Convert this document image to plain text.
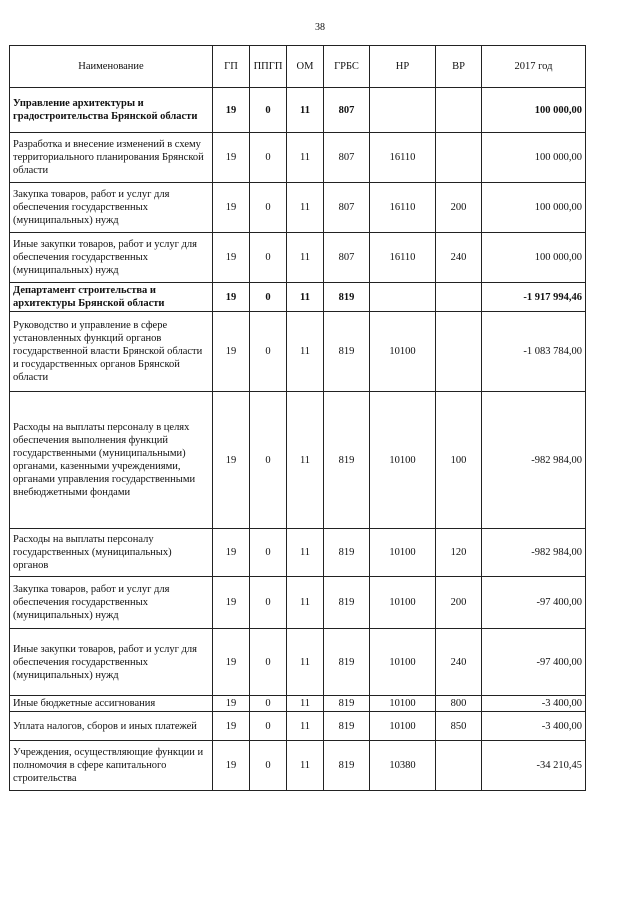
38
Наименование	ГП	ППГП	ОМ	ГРБС	НР	ВР	2017 год
Управление архитектуры и градостроительства Брянской области	19	0	11	807			100 000,00
Разработка и внесение изменений в схему территориального планирования Брянской области	19	0	11	807	16110		100 000,00
Закупка товаров, работ и услуг для обеспечения государственных (муниципальных) нужд	19	0	11	807	16110	200	100 000,00
Иные закупки товаров, работ и услуг для обеспечения государственных (муниципальных) нужд	19	0	11	807	16110	240	100 000,00
Департамент строительства и архитектуры Брянской области	19	0	11	819			-1 917 994,46
Руководство и управление в сфере установленных функций органов государственной власти Брянской области и государственных органов Брянской области	19	0	11	819	10100		-1 083 784,00
Расходы на выплаты персоналу в целях обеспечения выполнения функций государственными (муниципальными) органами, казенными учреждениями, органами управления государственными внебюджетными фондами	19	0	11	819	10100	100	-982 984,00
Расходы на выплаты персоналу государственных (муниципальных) органов	19	0	11	819	10100	120	-982 984,00
Закупка товаров, работ и услуг для обеспечения государственных (муниципальных) нужд	19	0	11	819	10100	200	-97 400,00
Иные закупки товаров, работ и услуг для обеспечения государственных (муниципальных) нужд	19	0	11	819	10100	240	-97 400,00
Иные бюджетные ассигнования	19	0	11	819	10100	800	-3 400,00
Уплата налогов, сборов и иных платежей	19	0	11	819	10100	850	-3 400,00
Учреждения, осуществляющие функции и полномочия в сфере капитального строительства	19	0	11	819	10380		-34 210,45
